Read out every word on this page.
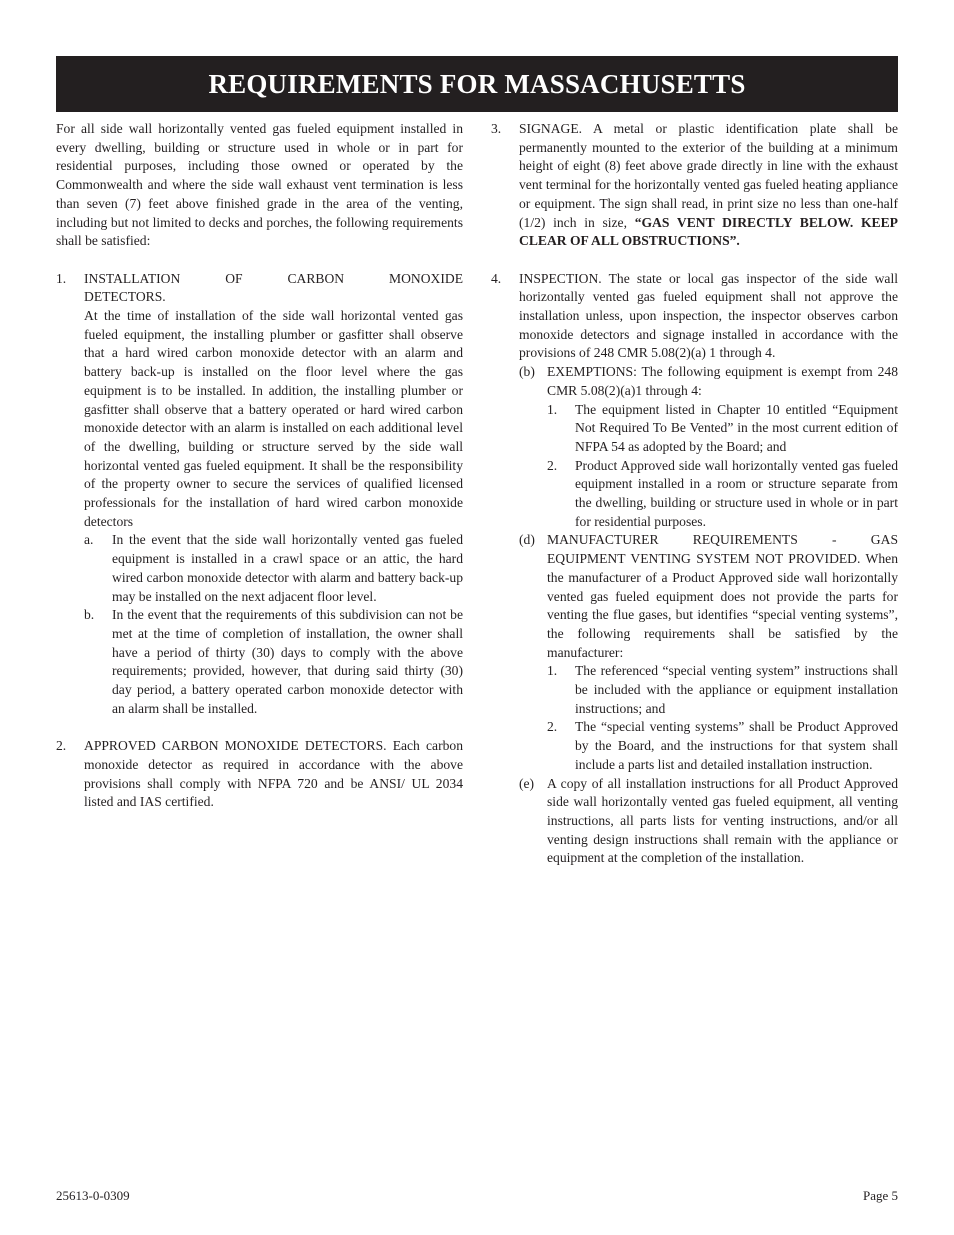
REQUIREMENTS FOR MASSACHUSETTS

For all side wall horizontally vented gas fueled equipment installed in every dwelling, building or structure used in whole or in part for residential purposes, including those owned or operated by the Commonwealth and where the side wall exhaust vent termination is less than seven (7) feet above finished grade in the area of the venting, including but not limited to decks and porches, the following requirements shall be satisfied:

1. INSTALLATION OF CARBON MONOXIDE

DETECTORS.

At the time of installation of the side wall horizontal vented gas fueled equipment, the installing plumber or gasfitter shall observe that a hard wired carbon monoxide detector with an alarm and battery back-up is installed on the floor level where the gas equipment is to be installed. In addition, the installing plumber or gasfitter shall observe that a battery operated or hard wired carbon monoxide detector with an alarm is installed on each additional level of the dwelling, building or structure served by the side wall horizontal vented gas fueled equipment. It shall be the responsibility of the property owner to secure the services of qualified licensed professionals for the installation of hard wired carbon monoxide detectors

a. In the event that the side wall horizontally vented gas fueled equipment is installed in a crawl space or an attic, the hard wired carbon monoxide detector with alarm and battery back-up may be installed on the next adjacent floor level.

b. In the event that the requirements of this subdivision can not be met at the time of completion of installation, the owner shall have a period of thirty (30) days to comply with the above requirements; provided, however, that during said thirty (30) day period, a battery operated carbon monoxide detector with an alarm shall be installed.

2. APPROVED CARBON MONOXIDE DETECTORS. Each carbon monoxide detector as required in accordance with the above provisions shall comply with NFPA 720 and be ANSI/ UL 2034 listed and IAS certified.

3. SIGNAGE. A metal or plastic identification plate shall be permanently mounted to the exterior of the building at a minimum height of eight (8) feet above grade directly in line with the exhaust vent terminal for the horizontally vented gas fueled heating appliance or equipment. The sign shall read, in print size no less than one-half (1/2) inch in size, “GAS VENT DIRECTLY BELOW. KEEP CLEAR OF ALL OBSTRUCTIONS”.

4. INSPECTION. The state or local gas inspector of the side wall horizontally vented gas fueled equipment shall not approve the installation unless, upon inspection, the inspector observes carbon monoxide detectors and signage installed in accordance with the provisions of 248 CMR 5.08(2)(a) 1 through 4.

(b) EXEMPTIONS: The following equipment is exempt from 248 CMR 5.08(2)(a)1 through 4:

1. The equipment listed in Chapter 10 entitled “Equipment Not Required To Be Vented” in the most current edition of NFPA 54 as adopted by the Board; and

2. Product Approved side wall horizontally vented gas fueled equipment installed in a room or structure separate from the dwelling, building or structure used in whole or in part for residential purposes.

(d) MANUFACTURER REQUIREMENTS - GAS

EQUIPMENT VENTING SYSTEM NOT PROVIDED. When the manufacturer of a Product Approved side wall horizontally vented gas fueled equipment does not provide the parts for venting the flue gases, but identifies “special venting systems”, the following requirements shall be satisfied by the manufacturer:

1. The referenced “special venting system” instructions shall be included with the appliance or equipment installation instructions; and

2. The “special venting systems” shall be Product Approved by the Board, and the instructions for that system shall include a parts list and detailed installation instruction.

(e) A copy of all installation instructions for all Product Approved side wall horizontally vented gas fueled equipment, all venting instructions, all parts lists for venting instructions, and/or all venting design instructions shall remain with the appliance or equipment at the completion of the installation.

25613-0-0309	Page 5
